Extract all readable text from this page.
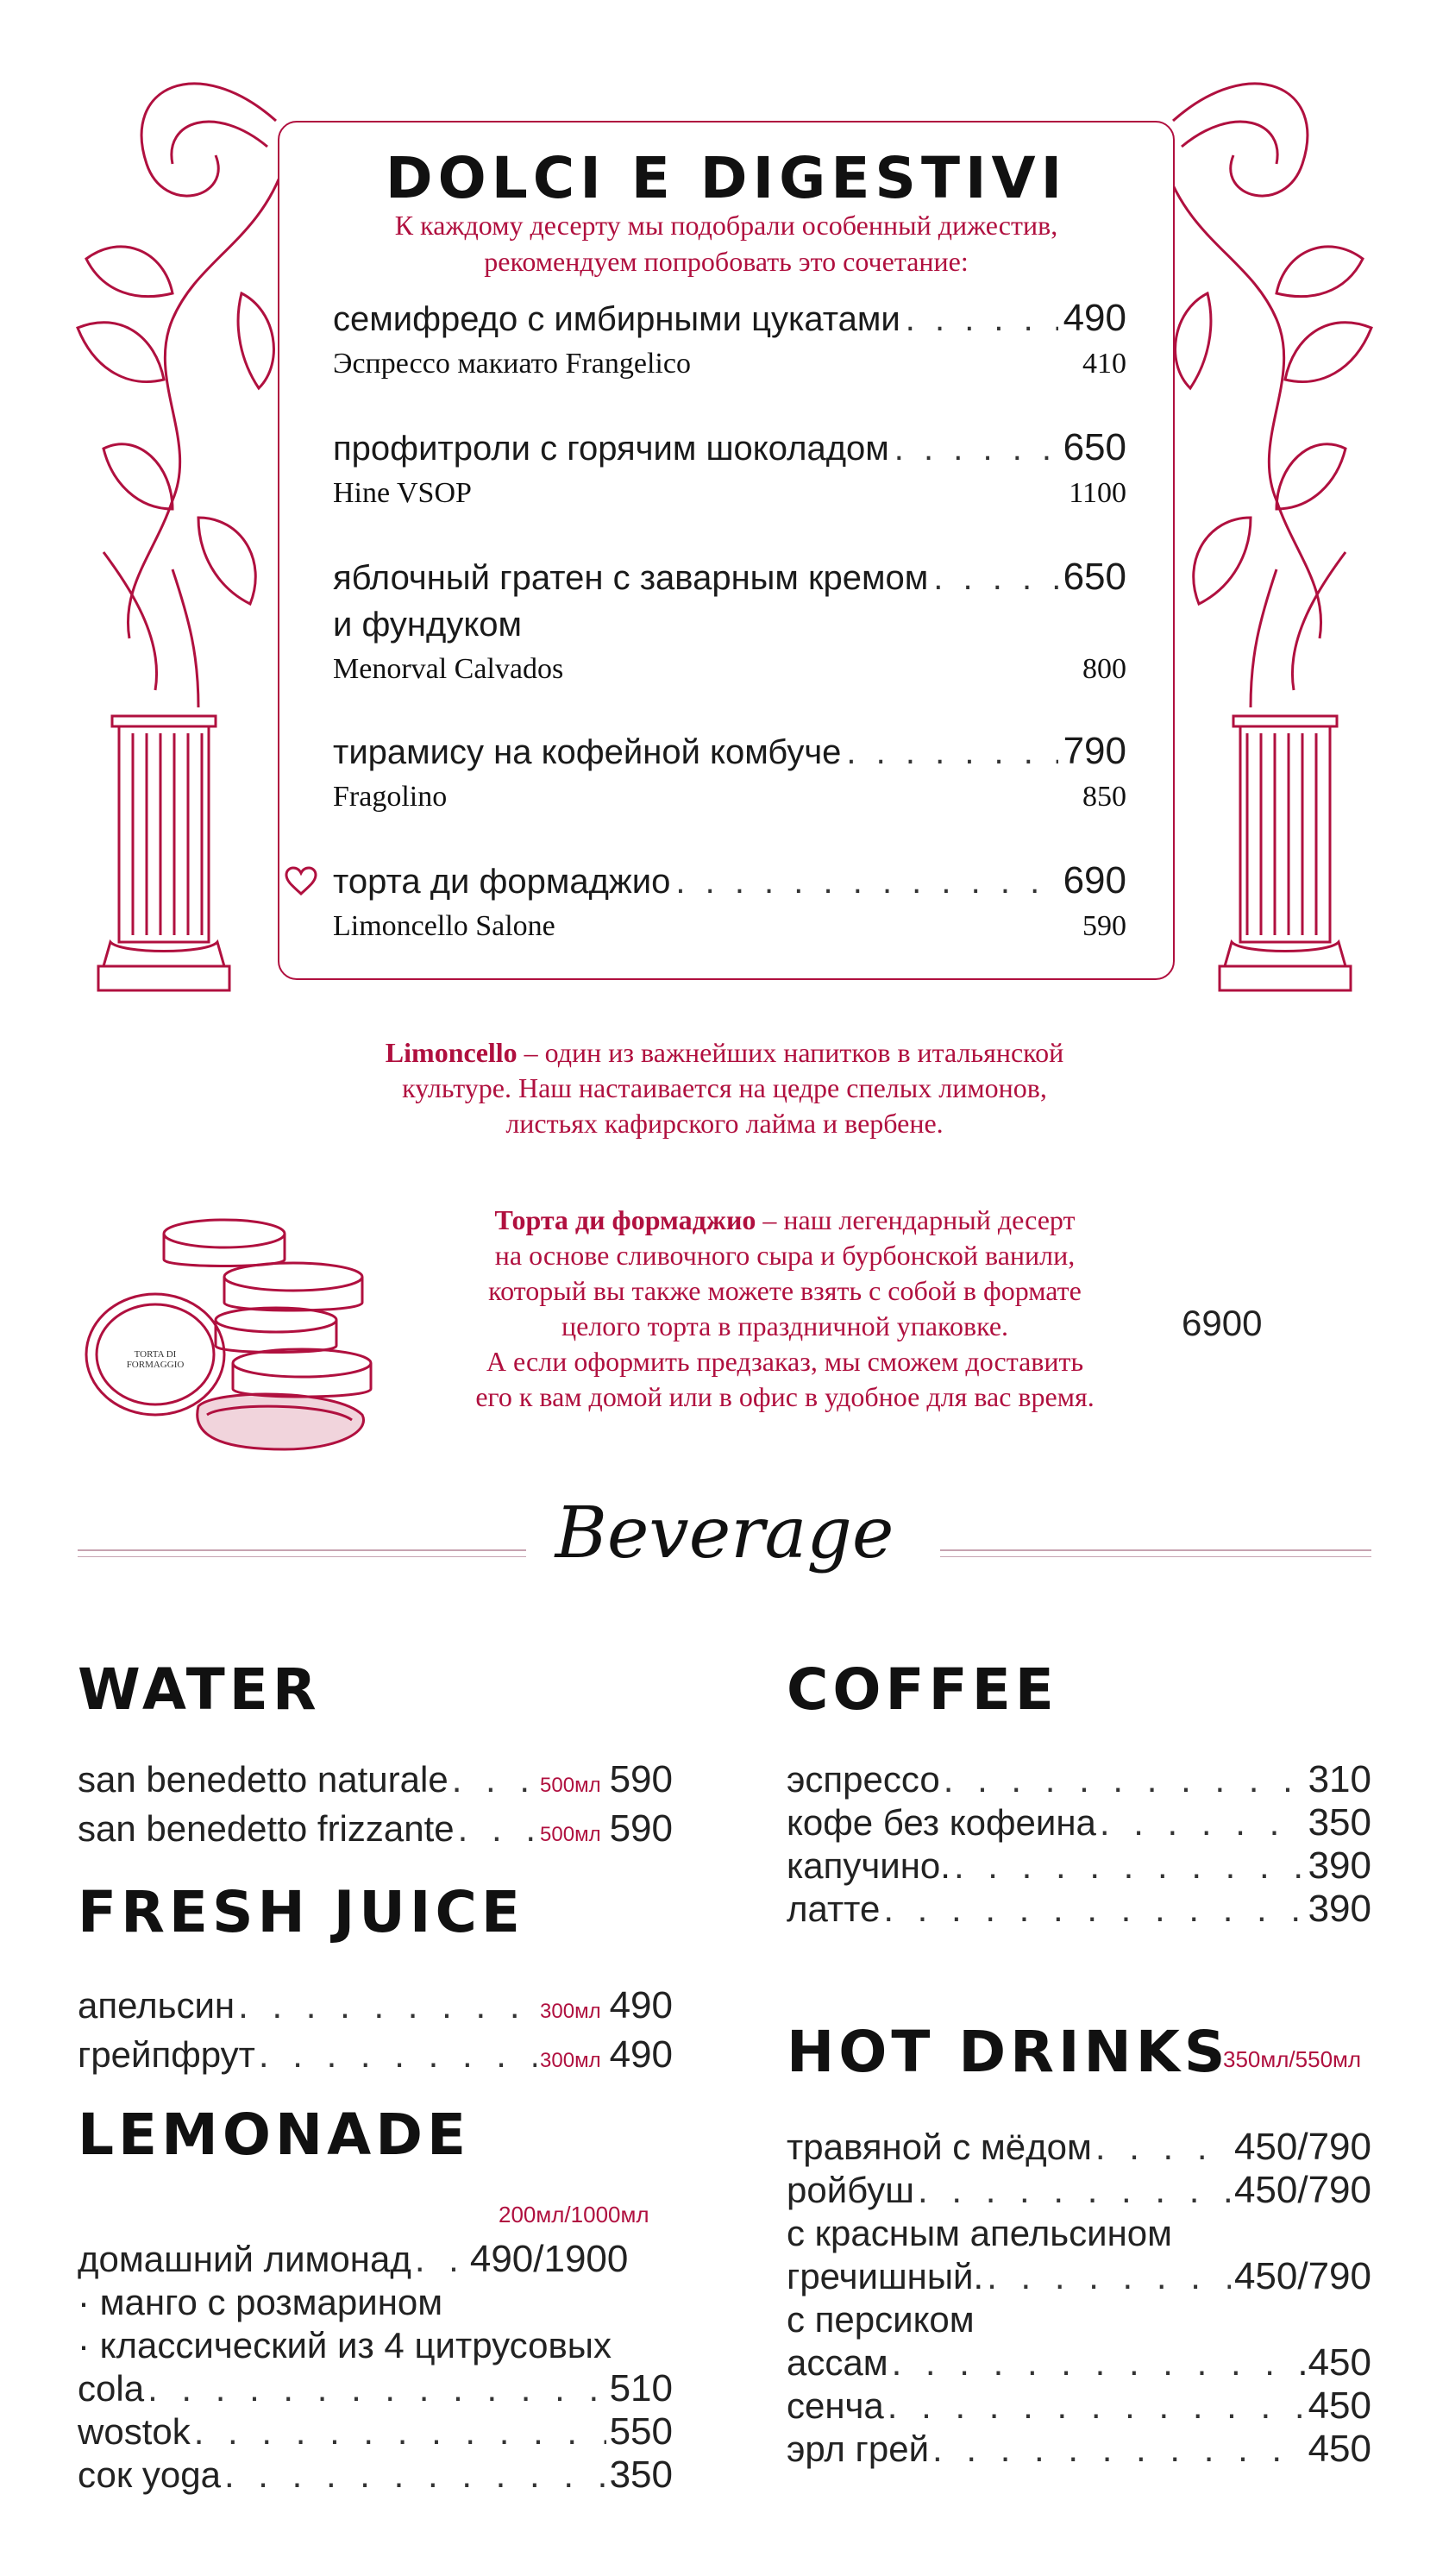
DOLCI E DIGESTIVI
К каждому десерту мы подобрали особенный дижестив,
рекомендуем попробовать это сочетание:
семифредо с имбирными цукатами . . .	490
Эспрессо макиато Frangelico	410
профитроли с горячим шоколадом . . .	650
Hine VSOP	1100
яблочный гратен с заварным кремом . . .	650
и фундуком
Menorval Calvados	800
тирамису на кофейной комбуче . . .	790
Fragolino	850
торта ди формаджио . . .	690
Limoncello Salone	590
Limoncello – один из важнейших напитков в итальянской
культуре. Наш настаивается на цедре спелых лимонов,
листьях кафирского лайма и вербене.
TORTA DI FORMAGGIO
Торта ди формаджио – наш легендарный десерт
на основе сливочного сыра и бурбонской ванили,
который вы также можете взять с собой в формате
целого торта в праздничной упаковке.
А если оформить предзаказ, мы сможем доставить
его к вам домой или в офис в удобное для вас время.
6900
Beverage
WATER
san benedetto naturale . . .	500мл 590
san benedetto frizzante . . .	500мл 590
FRESH JUICE
апельсин . . .	300мл 490
грейпфрут . . .	300мл 490
LEMONADE
200мл/1000мл
домашний лимонад . . . 490/1900
· манго с розмарином
· классический из 4 цитрусовых
cola . . .	510
wostok . . .	550
сок yoga . . .	350
COFFEE
эспрессо . . .	310
кофе без кофеина . . .	350
капучино. . . .	390
латте . . .	390
HOT DRINKS
350мл/550мл
травяной с мёдом . . .	450/790
ройбуш . . .	450/790
с красным апельсином
гречишный. . . .	450/790
с персиком
ассам . . .	.450
сенча . . .	450
эрл грей . . .	450
